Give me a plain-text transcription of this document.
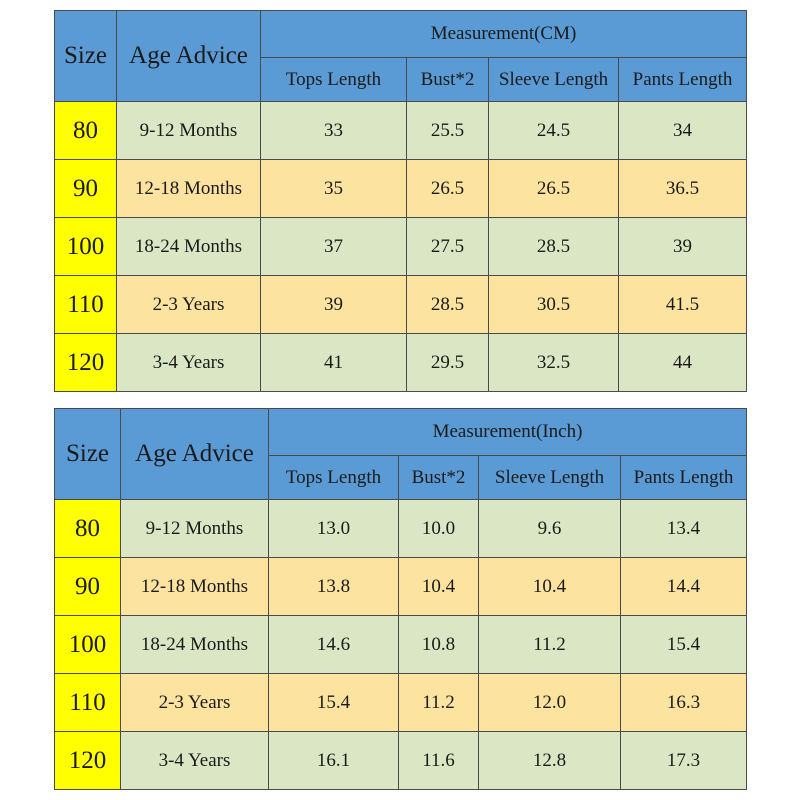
Size	Age Advice	Measurement(CM)			
		Tops Length	Bust*2	Sleeve Length	Pants Length
80	9-12 Months	33	25.5	24.5	34
90	12-18 Months	35	26.5	26.5	36.5
100	18-24 Months	37	27.5	28.5	39
110	2-3 Years	39	28.5	30.5	41.5
120	3-4 Years	41	29.5	32.5	44
Size	Age Advice	Measurement(Inch)			
		Tops Length	Bust*2	Sleeve Length	Pants Length
80	9-12 Months	13.0	10.0	9.6	13.4
90	12-18 Months	13.8	10.4	10.4	14.4
100	18-24 Months	14.6	10.8	11.2	15.4
110	2-3 Years	15.4	11.2	12.0	16.3
120	3-4 Years	16.1	11.6	12.8	17.3
